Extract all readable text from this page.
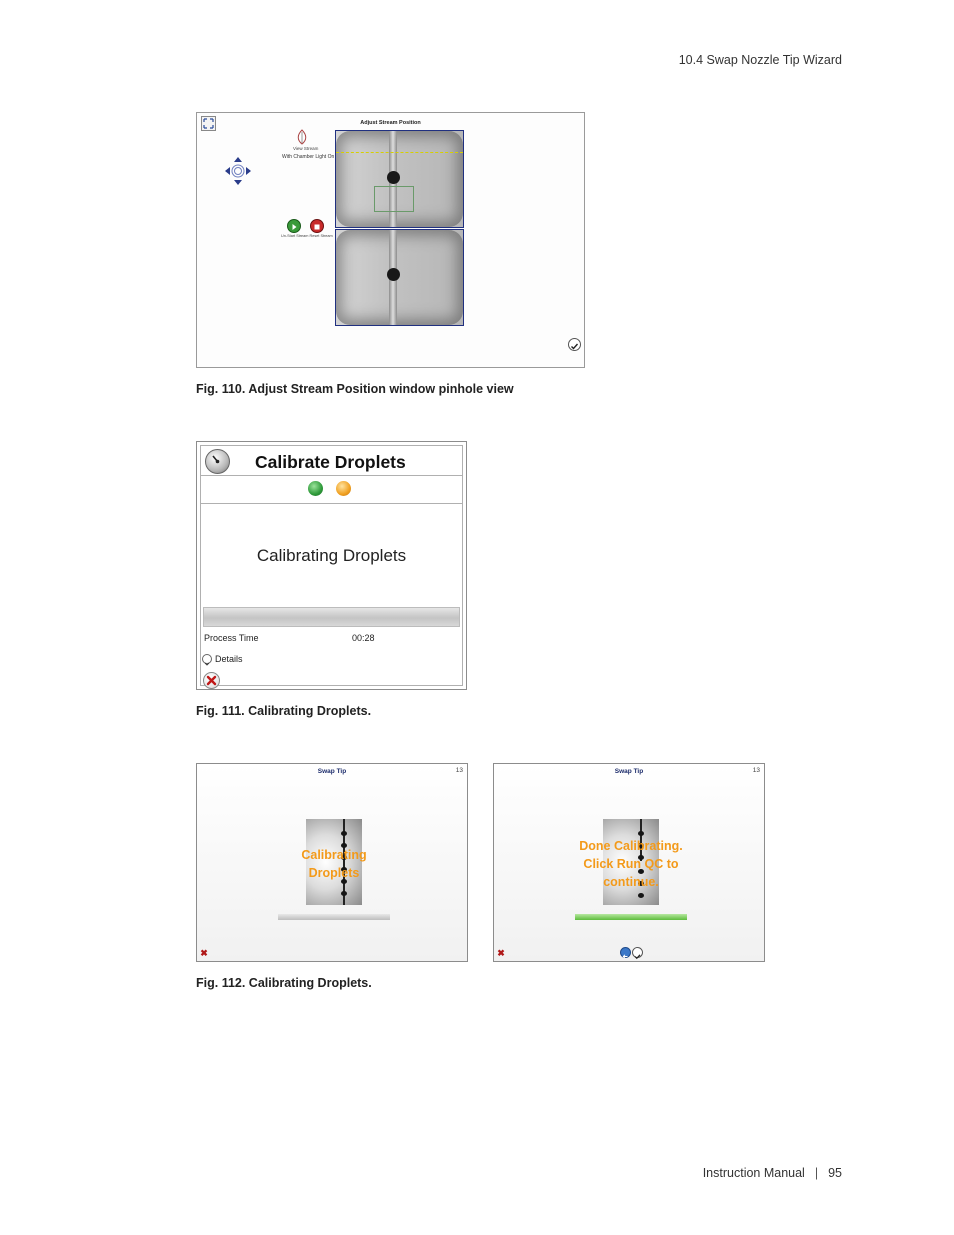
10.4 Swap Nozzle Tip Wizard
Adjust Stream Position
View Stream
With Chamber Light On
Un-Start Stream Reset Stream
Fig. 110. Adjust Stream Position window pinhole view
Calibrate Droplets
Calibrating Droplets
Process Time	00:28
Details
Fig. 111. Calibrating Droplets.
Swap Tip	13
Calibrating
Droplets
✖
Swap Tip	13
Done Calibrating.
Click Run QC to
continue.
✖
Fig. 112. Calibrating Droplets.
Instruction Manual | 95
